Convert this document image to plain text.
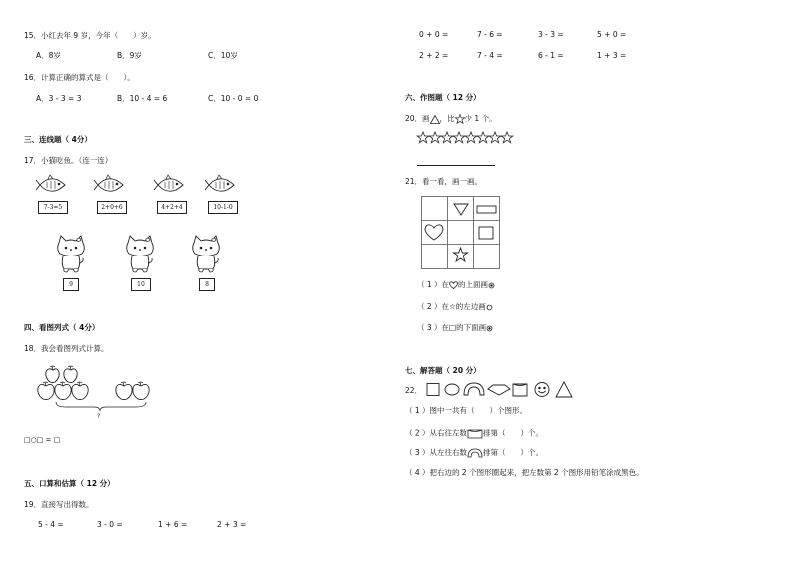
15．小红去年 9 岁，今年（　　）岁。
A．8岁	B．9岁	C．10岁
16．计算正确的算式是（　　）。
A．3 - 3 = 3	B．10 - 4 = 6	C．10 - 0 = 0
三、连线题（ 4分）
17．小猫吃鱼。（连一连）
7-3=5	2+0+6	4+2+4	10-1-0
9	10	8
四、看图列式（ 4分）
18．我会看图列式计算。
?
□○□ = □
五、口算和估算（ 12 分）
19．直接写出得数。
5 - 4 =	3 - 0 =	1 + 6 =	2 + 3 =
0 + 0 =	7 - 6 =	3 - 3 =	5 + 0 =
2 + 2 =	7 - 4 =	6 - 1 =	1 + 3 =
六、作图题（ 12 分）
20．画 ，比 少 1 个。
21．看一看，画一画。
（ 1 ）在 的上面画
（ 2 ）在☆的左边画
（ 3 ）在□的下面画
七、解答题（ 20 分）
22．
（ 1 ）图中一共有（　　）个图形。
（ 2 ）从右往左数 排第（　　）个。
（ 3 ）从左往右数 排第（　　）个。
（ 4 ）把右边的 2 个图形圈起来，把左数第 2 个图形用铅笔涂成黑色。
